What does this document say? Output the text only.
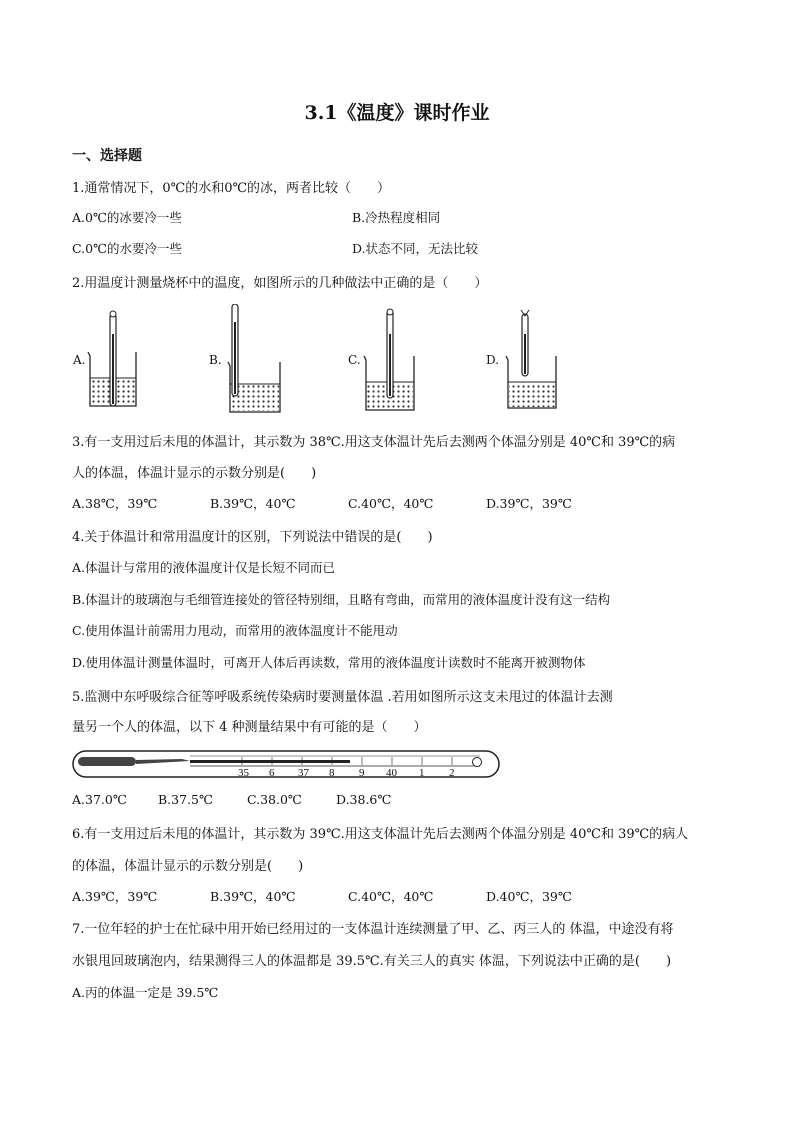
3.1《温度》课时作业
一、选择题
1.通常情况下，0℃的水和0℃的冰，两者比较（　　）
A.0℃的冰要冷一些	B.冷热程度相同
C.0℃的水要冷一些	D.状态不同，无法比较
2.用温度计测量烧杯中的温度，如图所示的几种做法中正确的是（　　）
A.	B.	C.	D.
3.有一支用过后未甩的体温计，其示数为 38℃.用这支体温计先后去测两个体温分别是 40℃和 39℃的病
人的体温，体温计显示的示数分别是(　　)
A.38℃，39℃	B.39℃，40℃	C.40℃，40℃	D.39℃，39℃
4.关于体温计和常用温度计的区别，下列说法中错误的是(　　)
A.体温计与常用的液体温度计仅是长短不同而已
B.体温计的玻璃泡与毛细管连接处的管径特别细，且略有弯曲，而常用的液体温度计没有这一结构
C.使用体温计前需用力甩动，而常用的液体温度计不能甩动
D.使用体温计测量体温时，可离开人体后再读数，常用的液体温度计读数时不能离开被测物体
5.监测中东呼吸综合征等呼吸系统传染病时要测量体温 .若用如图所示这支未甩过的体温计去测
量另一个人的体温，以下 4 种测量结果中有可能的是（　　）
35 6 37 8 9 40 1 2
A.37.0℃ B.37.5℃	C.38.0℃	D.38.6℃
6.有一支用过后未甩的体温计，其示数为 39℃.用这支体温计先后去测两个体温分别是 40℃和 39℃的病人
的体温，体温计显示的示数分别是(　　)
A.39℃，39℃	B.39℃，40℃	C.40℃，40℃	D.40℃，39℃
7.一位年轻的护士在忙碌中用开始已经用过的一支体温计连续测量了甲、乙、丙三人的 体温，中途没有将
水银甩回玻璃泡内，结果测得三人的体温都是 39.5℃.有关三人的真实 体温，下列说法中正确的是(　　)
A.丙的体温一定是 39.5℃
